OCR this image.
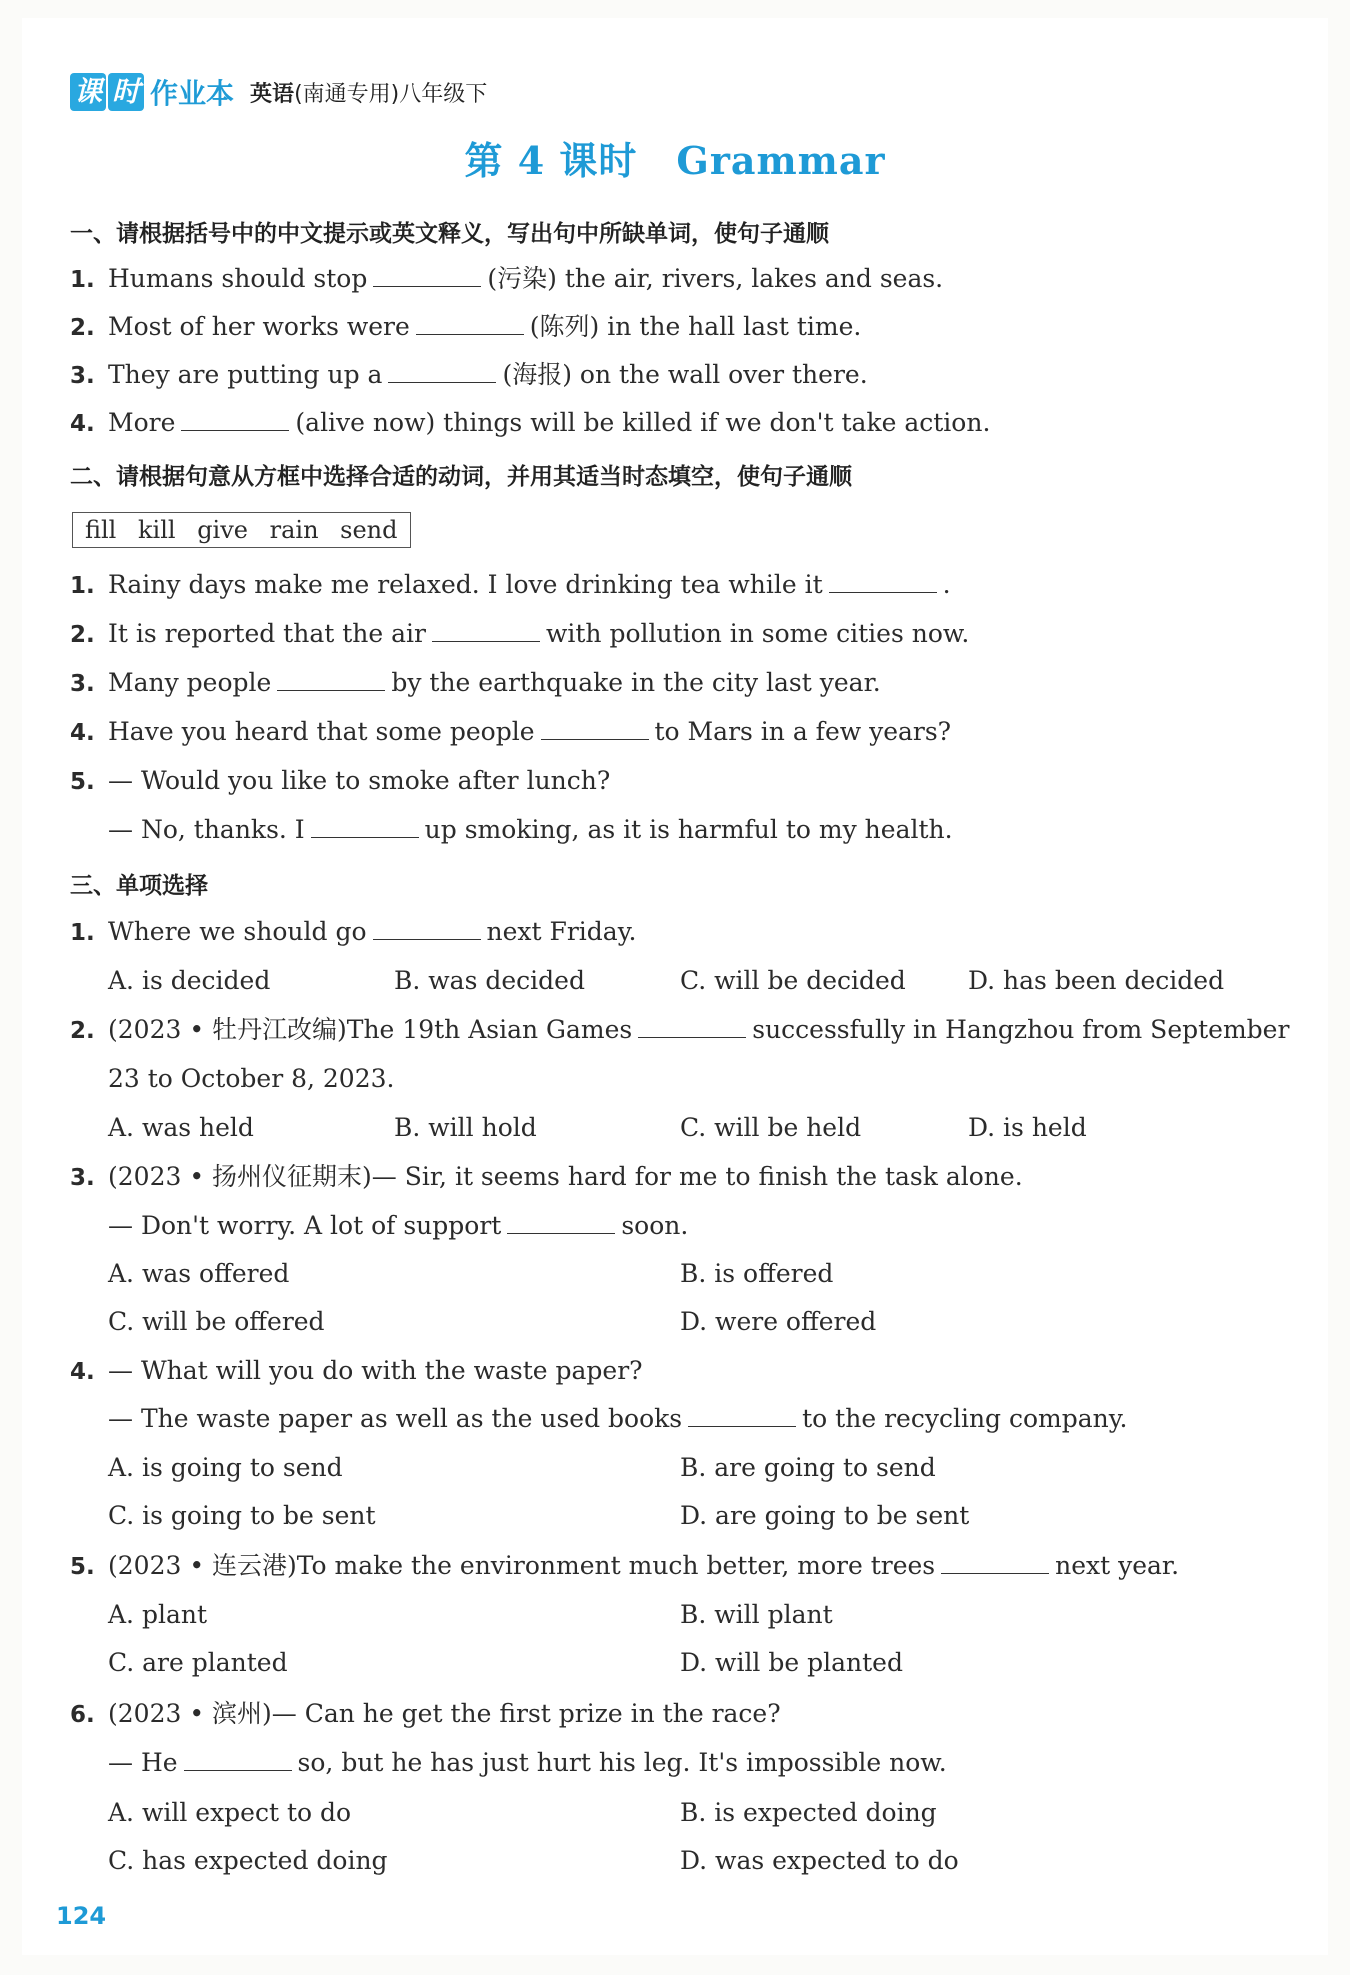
课 时 作业本 英语(南通专用)八年级下
第 4 课时　Grammar
一、请根据括号中的中文提示或英文释义，写出句中所缺单词，使句子通顺
1. Humans should stop	(污染) the air, rivers, lakes and seas.
2. Most of her works were	(陈列) in the hall last time.
3. They are putting up a	(海报) on the wall over there.
4. More	(alive now) things will be killed if we don't take action.
二、请根据句意从方框中选择合适的动词，并用其适当时态填空，使句子通顺
fill kill give rain send
1. Rainy days make me relaxed. I love drinking tea while it	.
2. It is reported that the air	with pollution in some cities now.
3. Many people	by the earthquake in the city last year.
4. Have you heard that some people	to Mars in a few years?
5. — Would you like to smoke after lunch?
— No, thanks. I	up smoking, as it is harmful to my health.
三、单项选择
1. Where we should go	next Friday.
A. is decided	B. was decided	C. will be decided D. has been decided
2. (2023 • 牡丹江改编)The 19th Asian Games	successfully in Hangzhou from September
23 to October 8, 2023.
A. was held	B. will hold	C. will be held	D. is held
3. (2023 • 扬州仪征期末)— Sir, it seems hard for me to finish the task alone.
— Don't worry. A lot of support	soon.
A. was offered	B. is offered
C. will be offered	D. were offered
4. — What will you do with the waste paper?
— The waste paper as well as the used books	to the recycling company.
A. is going to send	B. are going to send
C. is going to be sent	D. are going to be sent
5. (2023 • 连云港)To make the environment much better, more trees	next year.
A. plant	B. will plant
C. are planted	D. will be planted
6. (2023 • 滨州)— Can he get the first prize in the race?
— He	so, but he has just hurt his leg. It's impossible now.
A. will expect to do	B. is expected doing
C. has expected doing	D. was expected to do
124
